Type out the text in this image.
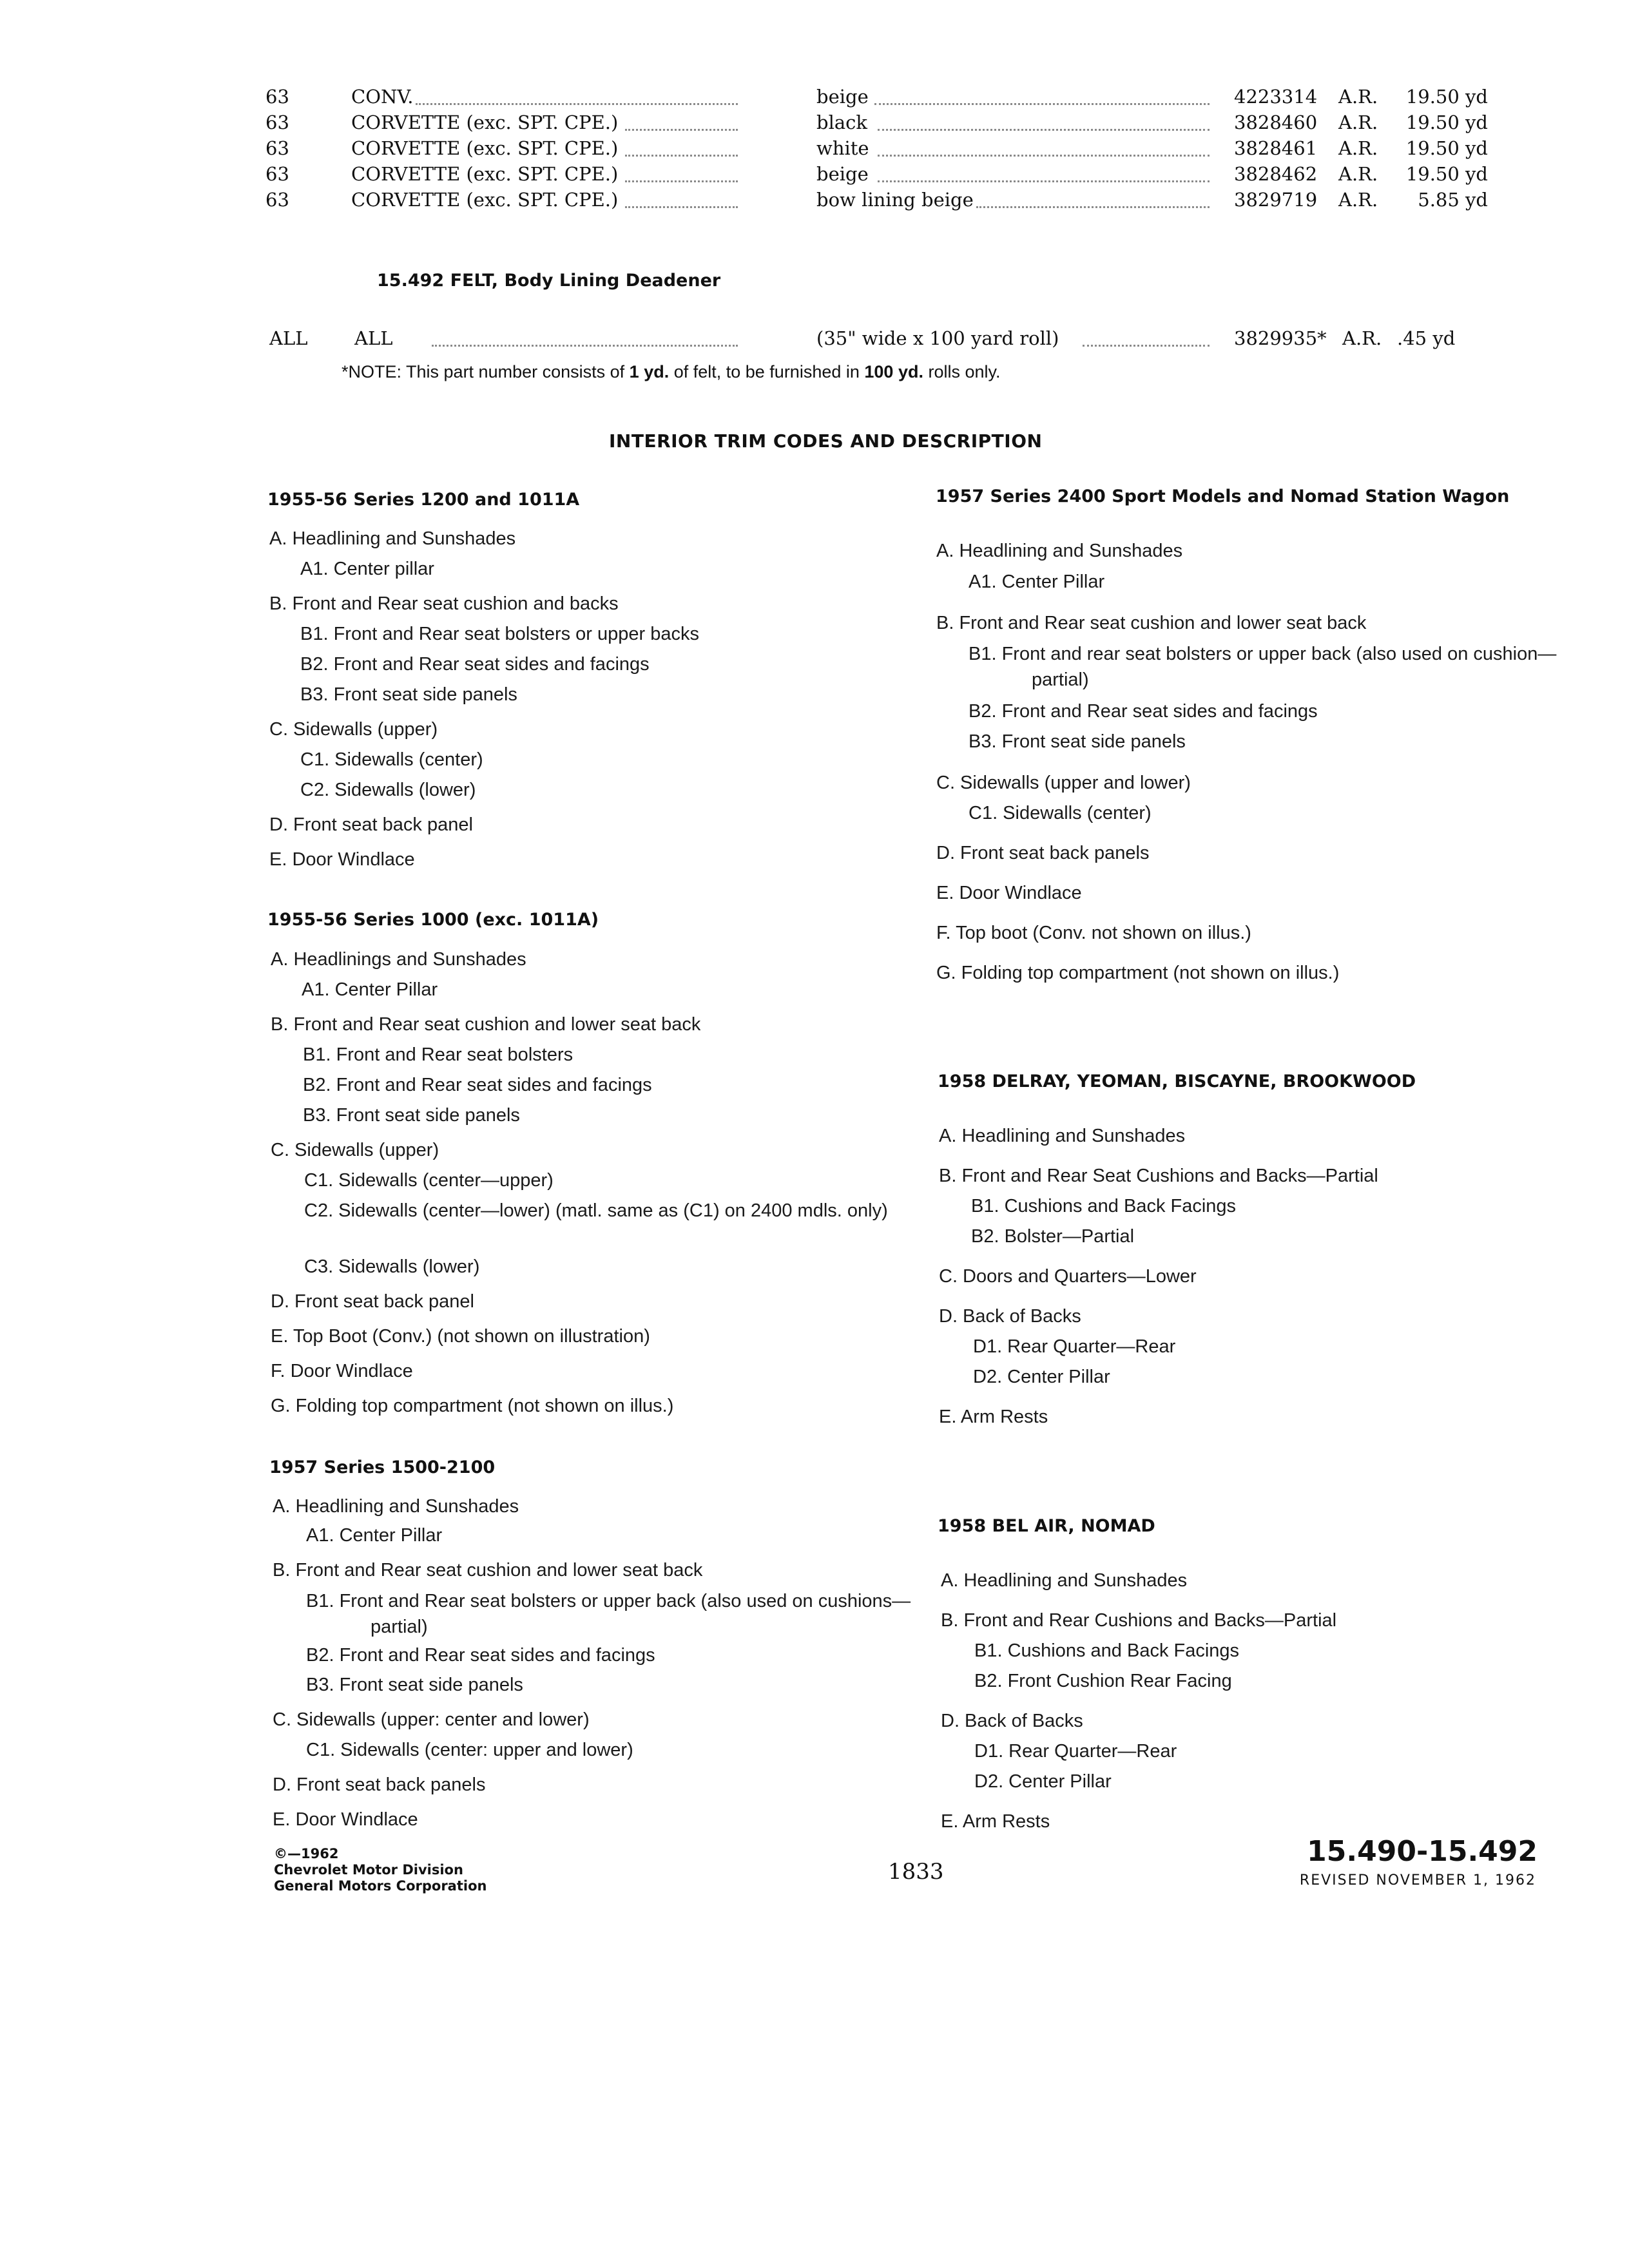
63	CONV.	beige	4223314 A.R. 19.50 yd
63	CORVETTE (exc. SPT. CPE.)	black	3828460 A.R. 19.50 yd
63	CORVETTE (exc. SPT. CPE.)	white	3828461 A.R. 19.50 yd
63	CORVETTE (exc. SPT. CPE.)	beige	3828462 A.R. 19.50 yd
63	CORVETTE (exc. SPT. CPE.)	bow lining beige	3829719 A.R. 5.85 yd
15.492 FELT, Body Lining Deadener
ALL	ALL	(35" wide x 100 yard roll)	3829935* A.R. .45 yd
*NOTE: This part number consists of 1 yd. of felt, to be furnished in 100 yd. rolls only.
INTERIOR TRIM CODES AND DESCRIPTION
1955-56 Series 1200 and 1011A
A. Headlining and Sunshades
A1. Center pillar
B. Front and Rear seat cushion and backs
B1. Front and Rear seat bolsters or upper backs
B2. Front and Rear seat sides and facings
B3. Front seat side panels
C. Sidewalls (upper)
C1. Sidewalls (center)
C2. Sidewalls (lower)
D. Front seat back panel
E. Door Windlace
1955-56 Series 1000 (exc. 1011A)
A. Headlinings and Sunshades
A1. Center Pillar
B. Front and Rear seat cushion and lower seat back
B1. Front and Rear seat bolsters
B2. Front and Rear seat sides and facings
B3. Front seat side panels
C. Sidewalls (upper)
C1. Sidewalls (center—upper)
C2. Sidewalls (center—lower) (matl. same as (C1) on 2400 mdls. only)
C3. Sidewalls (lower)
D. Front seat back panel
E. Top Boot (Conv.) (not shown on illustration)
F. Door Windlace
G. Folding top compartment (not shown on illus.)
1957 Series 1500-2100
A. Headlining and Sunshades
A1. Center Pillar
B. Front and Rear seat cushion and lower seat back
B1. Front and Rear seat bolsters or upper back (also used on cushions—partial)
B2. Front and Rear seat sides and facings
B3. Front seat side panels
C. Sidewalls (upper: center and lower)
C1. Sidewalls (center: upper and lower)
D. Front seat back panels
E. Door Windlace
1957 Series 2400 Sport Models and Nomad Station Wagon
A. Headlining and Sunshades
A1. Center Pillar
B. Front and Rear seat cushion and lower seat back
B1. Front and rear seat bolsters or upper back (also used on cushion—partial)
B2. Front and Rear seat sides and facings
B3. Front seat side panels
C. Sidewalls (upper and lower)
C1. Sidewalls (center)
D. Front seat back panels
E. Door Windlace
F. Top boot (Conv. not shown on illus.)
G. Folding top compartment (not shown on illus.)
1958 DELRAY, YEOMAN, BISCAYNE, BROOKWOOD
A. Headlining and Sunshades
B. Front and Rear Seat Cushions and Backs—Partial
B1. Cushions and Back Facings
B2. Bolster—Partial
C. Doors and Quarters—Lower
D. Back of Backs
D1. Rear Quarter—Rear
D2. Center Pillar
E. Arm Rests
1958 BEL AIR, NOMAD
A. Headlining and Sunshades
B. Front and Rear Cushions and Backs—Partial
B1. Cushions and Back Facings
B2. Front Cushion Rear Facing
D. Back of Backs
D1. Rear Quarter—Rear
D2. Center Pillar
E. Arm Rests
©—1962
Chevrolet Motor Division
General Motors Corporation
1833
15.490-15.492
REVISED NOVEMBER 1, 1962
